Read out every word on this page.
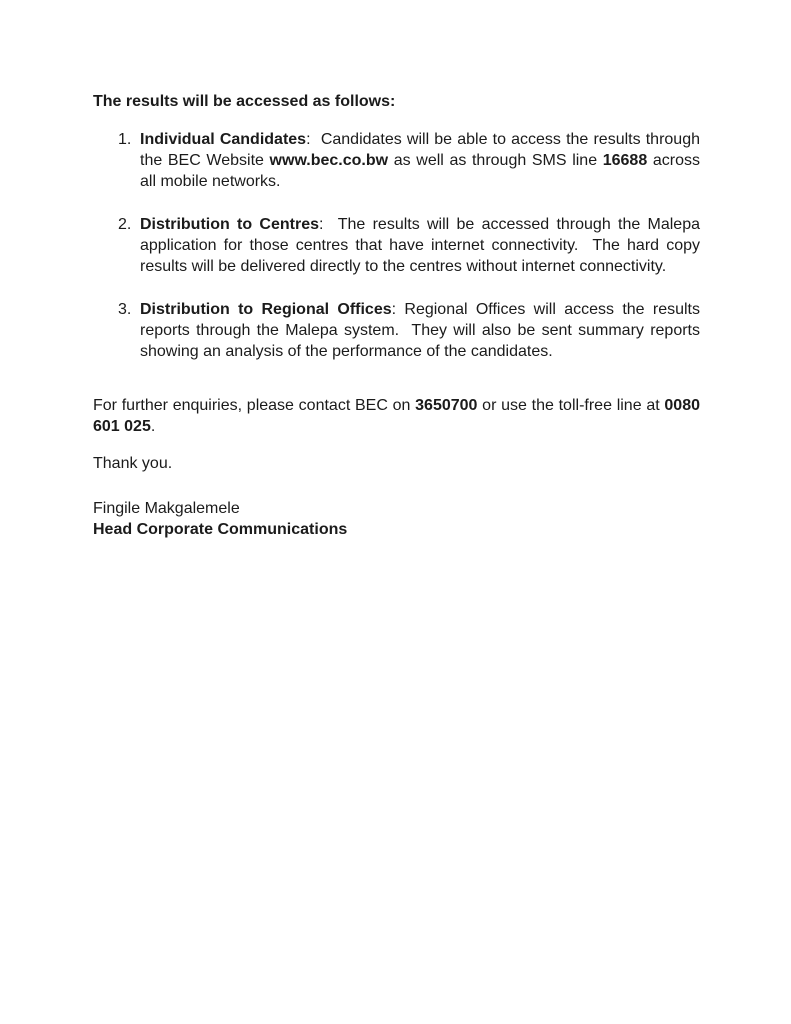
The results will be accessed as follows:

1. Individual Candidates:  Candidates will be able to access the results through the BEC Website www.bec.co.bw as well as through SMS line 16688 across all mobile networks.
2. Distribution to Centres:  The results will be accessed through the Malepa application for those centres that have internet connectivity.  The hard copy results will be delivered directly to the centres without internet connectivity.
3. Distribution to Regional Offices: Regional Offices will access the results reports through the Malepa system.  They will also be sent summary reports showing an analysis of the performance of the candidates.

For further enquiries, please contact BEC on 3650700 or use the toll-free line at 0080 601 025.

Thank you.

Fingile Makgalemele

Head Corporate Communications
